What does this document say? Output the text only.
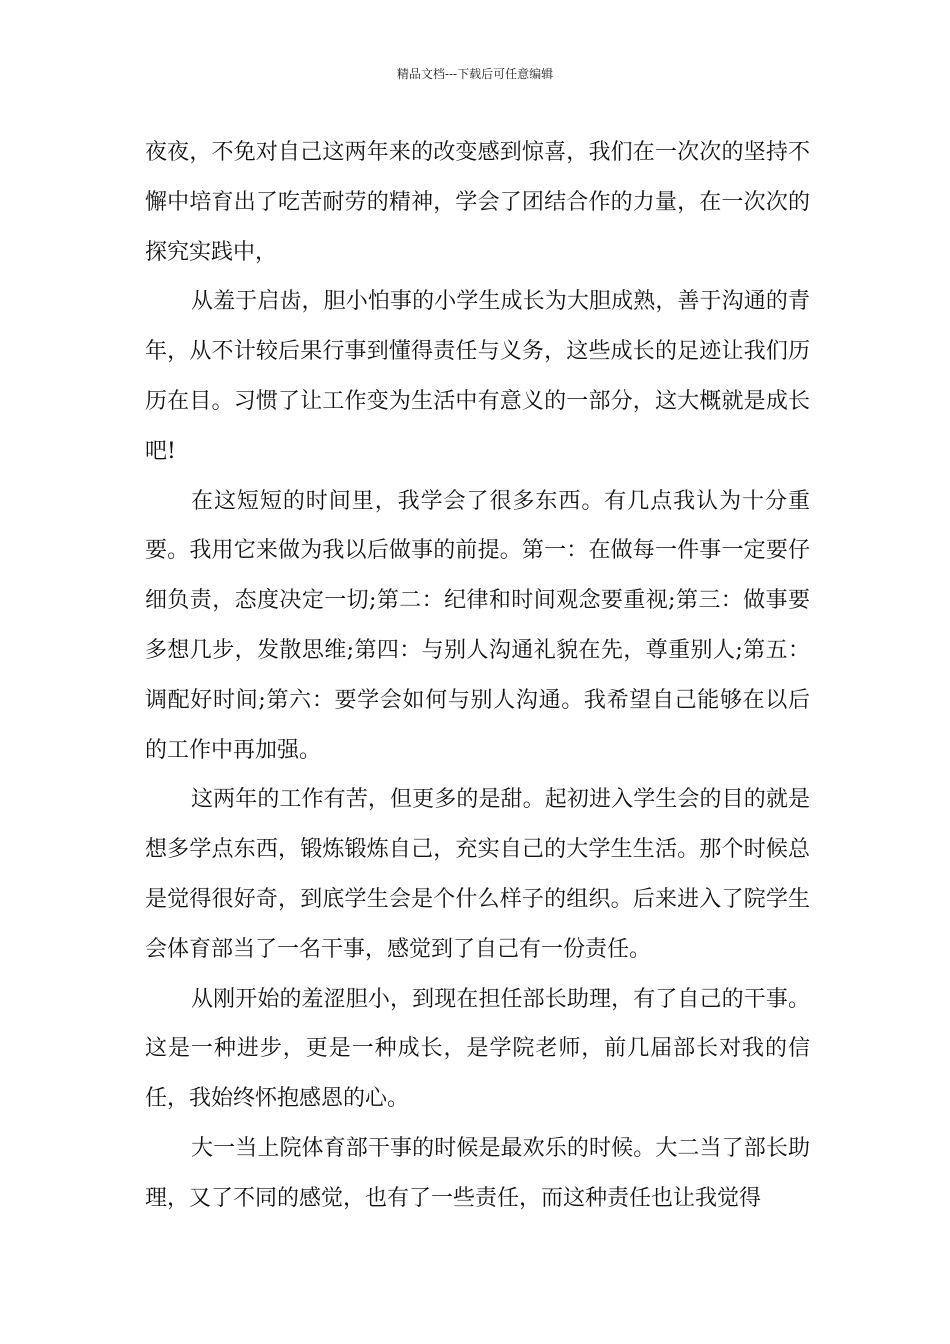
精品文档---下载后可任意编辑

夜夜，不免对自己这两年来的改变感到惊喜，我们在一次次的坚持不懈中培育出了吃苦耐劳的精神，学会了团结合作的力量，在一次次的探究实践中，

从羞于启齿，胆小怕事的小学生成长为大胆成熟，善于沟通的青年，从不计较后果行事到懂得责任与义务，这些成长的足迹让我们历历在目。习惯了让工作变为生活中有意义的一部分，这大概就是成长吧!

在这短短的时间里，我学会了很多东西。有几点我认为十分重要。我用它来做为我以后做事的前提。第一：在做每一件事一定要仔细负责，态度决定一切;第二：纪律和时间观念要重视;第三：做事要多想几步，发散思维;第四：与别人沟通礼貌在先，尊重别人;第五：调配好时间;第六：要学会如何与别人沟通。我希望自己能够在以后的工作中再加强。

这两年的工作有苦，但更多的是甜。起初进入学生会的目的就是想多学点东西，锻炼锻炼自己，充实自己的大学生生活。那个时候总是觉得很好奇，到底学生会是个什么样子的组织。后来进入了院学生会体育部当了一名干事，感觉到了自己有一份责任。

从刚开始的羞涩胆小，到现在担任部长助理，有了自己的干事。这是一种进步，更是一种成长，是学院老师，前几届部长对我的信任，我始终怀抱感恩的心。

大一当上院体育部干事的时候是最欢乐的时候。大二当了部长助理，又了不同的感觉，也有了一些责任，而这种责任也让我觉得
